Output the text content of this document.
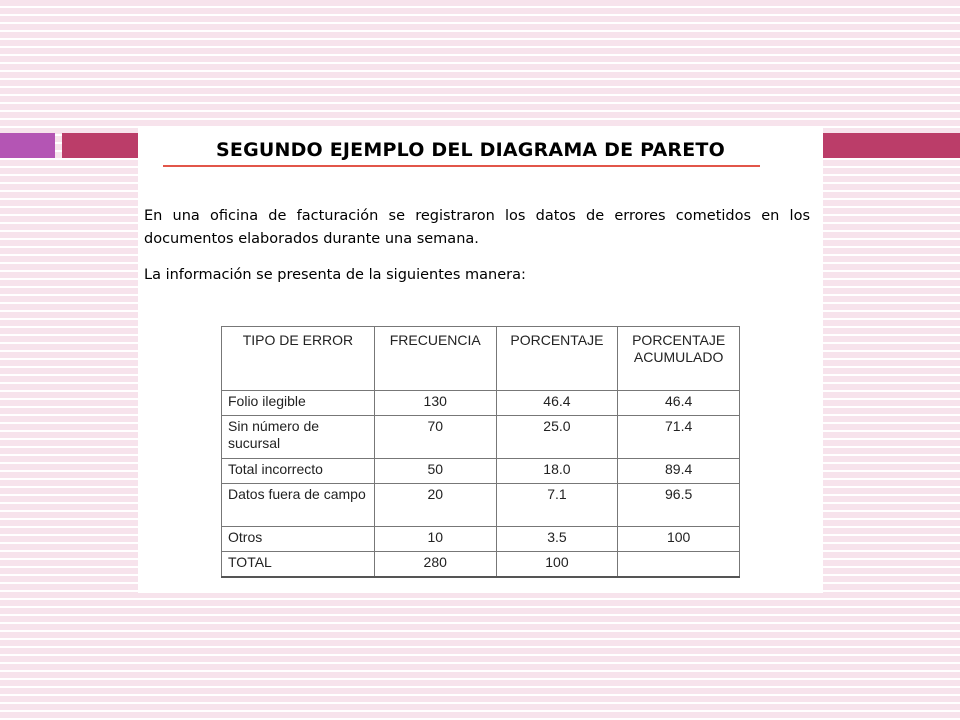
SEGUNDO EJEMPLO DEL DIAGRAMA DE PARETO

En una oficina de facturación se registraron los datos de errores cometidos en los documentos elaborados durante una semana.

La información se presenta de la siguientes manera:

TIPO DE ERROR	FRECUENCIA	PORCENTAJE	PORCENTAJE ACUMULADO
Folio ilegible	130	46.4	46.4
Sin número de sucursal	70	25.0	71.4
Total incorrecto	50	18.0	89.4
Datos fuera de campo	20	7.1	96.5
Otros	10	3.5	100
TOTAL	280	100	
